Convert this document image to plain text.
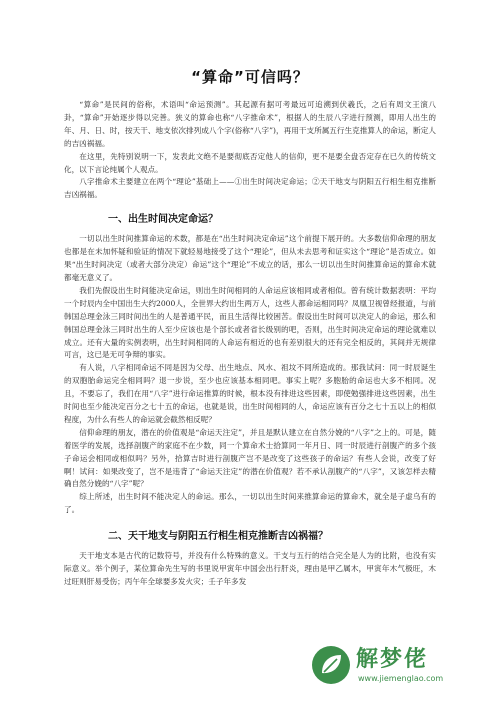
“算命”可信吗？

“算命”是民间的俗称，术语叫“命运预测”。其起源有据可考最远可追溯到伏羲氏，之后有周文王演八卦，“算命”开始逐步得以完善。狭义的算命也称“八字推命术”，根据人的生辰八字进行预测，即用人出生的年、月、日、时，按天干、地支依次排列成八个字(俗称“八字”)，再用干支所属五行生克推算人的命运，断定人的吉凶祸福。

在这里，先特别说明一下，发表此文绝不是要彻底否定他人的信仰，更不是要全盘否定存在已久的传统文化，以下言论纯属个人观点。

八字推命术主要建立在两个“理论”基础上——①出生时间决定命运；②天干地支与阴阳五行相生相克推断吉凶祸福。

一、出生时间决定命运？

一切以出生时间推算命运的术数，都是在“出生时间决定命运”这个前提下展开的。大多数信仰命理的朋友也都是在未加怀疑和验证的情况下就轻易地接受了这个“理论”，但从未去思考和证实这个“理论”是否成立。如果“出生时间决定（或者大部分决定）命运”这个“理论”不成立的话，那么一切以出生时间推算命运的算命术就都毫无意义了。

我们先假设出生时间能决定命运，则出生时间相同的人命运应该相同或者相似。曾有统计数据表明：平均一个时辰内全中国出生大约2000人，全世界大约出生两万人，这些人都命运相同吗？凤凰卫视曾经报道，与前韩国总理金泳三同时间出生的人是普通平民，而且生活得比较困苦。假设出生时间可以决定人的命运，那么和韩国总理金泳三同时出生的人至少应该也是个部长或者省长级别的吧，否则，出生时间决定命运的理论就难以成立。还有大量的实例表明，出生时间相同的人命运有相近的也有差别很大的还有完全相反的，其间并无规律可言，这已是无可争辩的事实。

有人说，八字相同命运不同是因为父母、出生地点、风水、祖坟不同所造成的。那我试问：同一时辰诞生的双胞胎命运完全相同吗？退一步说，至少也应该基本相同吧。事实上呢？多胞胎的命运也大多不相同。况且，不要忘了，我们在用“八字”进行命运推算的时候，根本没有排进这些因素，即使勉强排进这些因素，出生时间也至少能决定百分之七十五的命运，也就是说，出生时间相同的人，命运应该有百分之七十五以上的相似程度，为什么有些人的命运就会截然相反呢？

信仰命理的朋友，潜在的价值观是“命运天注定”，并且是默认建立在自然分娩的“八字”之上的。可是，随着医学的发展，选择剖腹产的家庭不在少数，同一个算命术士拾算同一年月日、同一时辰进行剖腹产的多个孩子命运会相同或相似吗？另外，拾算吉时进行剖腹产岂不是改变了这些孩子的命运？有些人会说，改变了好啊！试问：如果改变了，岂不是违背了“命运天注定”的潜在价值观？若不承认剖腹产的“八字”，又该怎样去精确自然分娩的“八字”呢？

综上所述，出生时间不能决定人的命运。那么，一切以出生时间来推算命运的算命术，就全是子虚乌有的了。

二、天干地支与阴阳五行相生相克推断吉凶祸福？

天干地支本是古代的记数符号，并没有什么特殊的意义。干支与五行的结合完全是人为的比附，也没有实际意义。举个例子，某位算命先生写的书里说甲寅年中国会出行肝炎，理由是甲乙属木，甲寅年木气极旺，木过旺则肝易受伤；丙午年全球要多发火灾；壬子年多发

解梦佬
www.jiemenglao.com
